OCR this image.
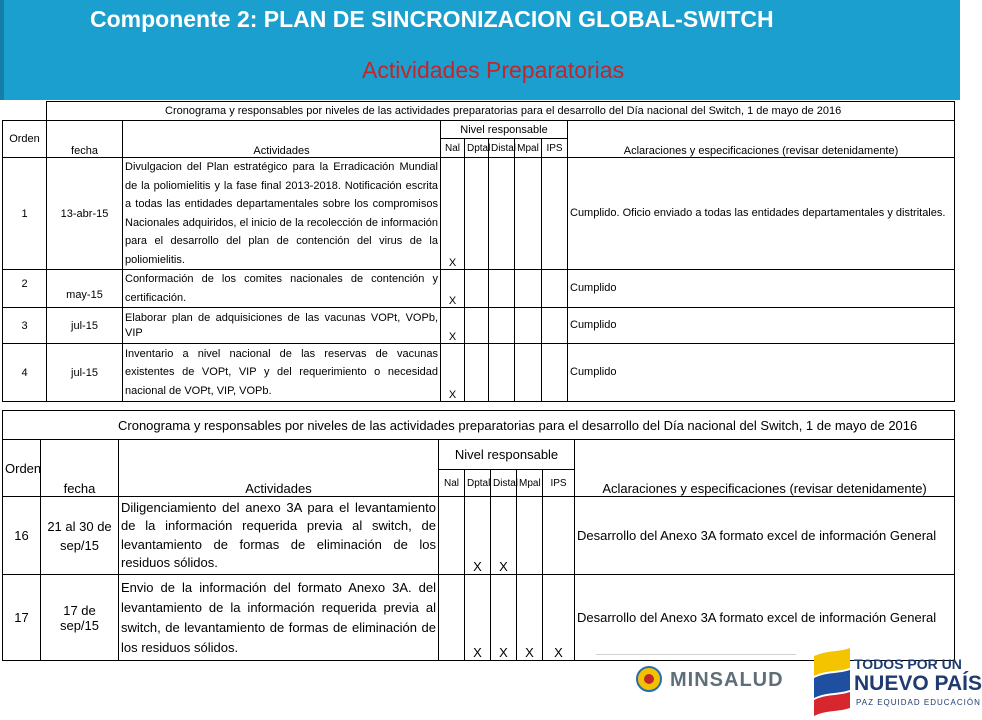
Componente 2: PLAN DE SINCRONIZACION GLOBAL-SWITCH
Actividades Preparatorias
	Cronograma y responsables por niveles de las actividades preparatorias para el desarrollo del Día nacional del Switch, 1 de mayo de 2016							
Orden	fecha	Actividades	Nivel responsable					Aclaraciones y especificaciones (revisar detenidamente)
			Nal	Dptal	Distal	Mpal	IPS	
1	13-abr-15	Divulgacion del Plan estratégico para la Erradicación Mundial de la poliomielitis y la fase final 2013-2018. Notificación escrita a todas las entidades departamentales sobre los compromisos Nacionales adquiridos, el inicio de la recolección de información para el desarrollo del plan de contención del virus de la poliomielitis.	X					Cumplido. Oficio enviado a todas las entidades departamentales y distritales.
2	may-15	Conformación de los comites nacionales de contención y certificación.	X					Cumplido
3	jul-15	Elaborar plan de adquisiciones de las vacunas VOPt, VOPb, VIP	X					Cumplido
4	jul-15	Inventario a nivel nacional de las reservas de vacunas existentes de VOPt, VIP y del requerimiento o necesidad nacional de VOPt, VIP, VOPb.	X					Cumplido
Cronograma y responsables por niveles de las actividades preparatorias para el desarrollo del Día nacional del Switch, 1 de mayo de 2016								
Orden	fecha	Actividades	Nivel responsable					Aclaraciones y especificaciones (revisar detenidamente)
			Nal	Dptal	Distal	Mpal	IPS	
16	21 al 30 de sep/15	Diligenciamiento del anexo 3A para el levantamiento de la información requerida previa al switch, de levantamiento de formas de eliminación de los residuos sólidos.		X	X			Desarrollo del Anexo 3A formato excel de información General
17	17 de sep/15	Envio de la información del formato Anexo 3A. del levantamiento de la información requerida previa al switch, de levantamiento de formas de eliminación de los residuos sólidos.		X	X	X	X	Desarrollo del Anexo 3A formato excel de información General
MINSALUD
TODOS POR UN
NUEVO PAÍS
PAZ EQUIDAD EDUCACIÓN
